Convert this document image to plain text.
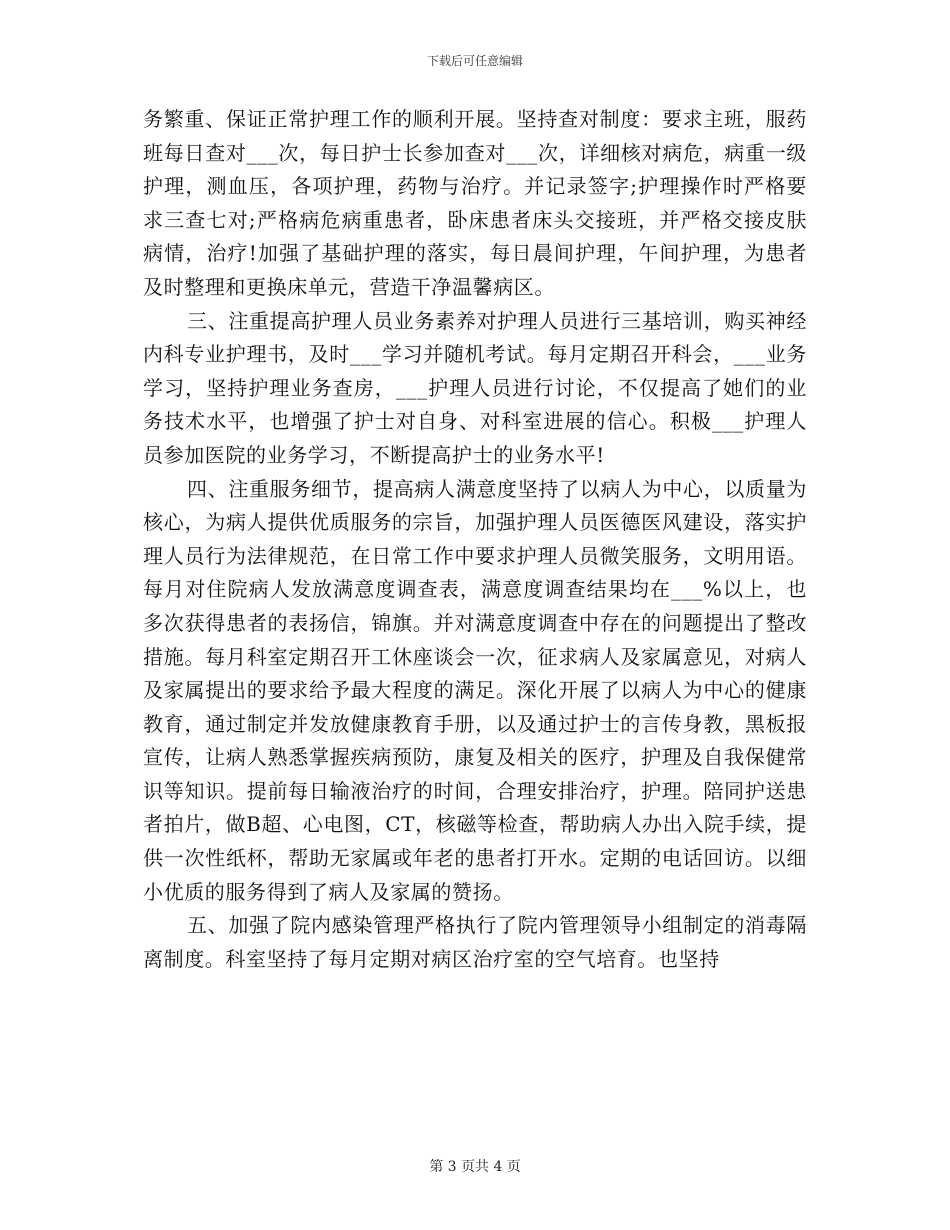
下载后可任意编辑

务繁重、保证正常护理工作的顺利开展。坚持查对制度：要求主班，服药班每日查对___次，每日护士长参加查对___次，详细核对病危，病重一级护理，测血压，各项护理，药物与治疗。并记录签字;护理操作时严格要求三查七对;严格病危病重患者，卧床患者床头交接班，并严格交接皮肤病情，治疗!加强了基础护理的落实，每日晨间护理，午间护理，为患者及时整理和更换床单元，营造干净温馨病区。

三、注重提高护理人员业务素养对护理人员进行三基培训，购买神经内科专业护理书，及时___学习并随机考试。每月定期召开科会，___业务学习，坚持护理业务查房，___护理人员进行讨论，不仅提高了她们的业务技术水平，也增强了护士对自身、对科室进展的信心。积极___护理人员参加医院的业务学习，不断提高护士的业务水平!

四、注重服务细节，提高病人满意度坚持了以病人为中心，以质量为核心，为病人提供优质服务的宗旨，加强护理人员医德医风建设，落实护理人员行为法律规范，在日常工作中要求护理人员微笑服务，文明用语。每月对住院病人发放满意度调查表，满意度调查结果均在___%以上，也多次获得患者的表扬信，锦旗。并对满意度调查中存在的问题提出了整改措施。每月科室定期召开工休座谈会一次，征求病人及家属意见，对病人及家属提出的要求给予最大程度的满足。深化开展了以病人为中心的健康教育，通过制定并发放健康教育手册，以及通过护士的言传身教，黑板报宣传，让病人熟悉掌握疾病预防，康复及相关的医疗，护理及自我保健常识等知识。提前每日输液治疗的时间，合理安排治疗，护理。陪同护送患者拍片，做B超、心电图，CT，核磁等检查，帮助病人办出入院手续，提供一次性纸杯，帮助无家属或年老的患者打开水。定期的电话回访。以细小优质的服务得到了病人及家属的赞扬。

五、加强了院内感染管理严格执行了院内管理领导小组制定的消毒隔离制度。科室坚持了每月定期对病区治疗室的空气培育。也坚持

第 3 页共 4 页
